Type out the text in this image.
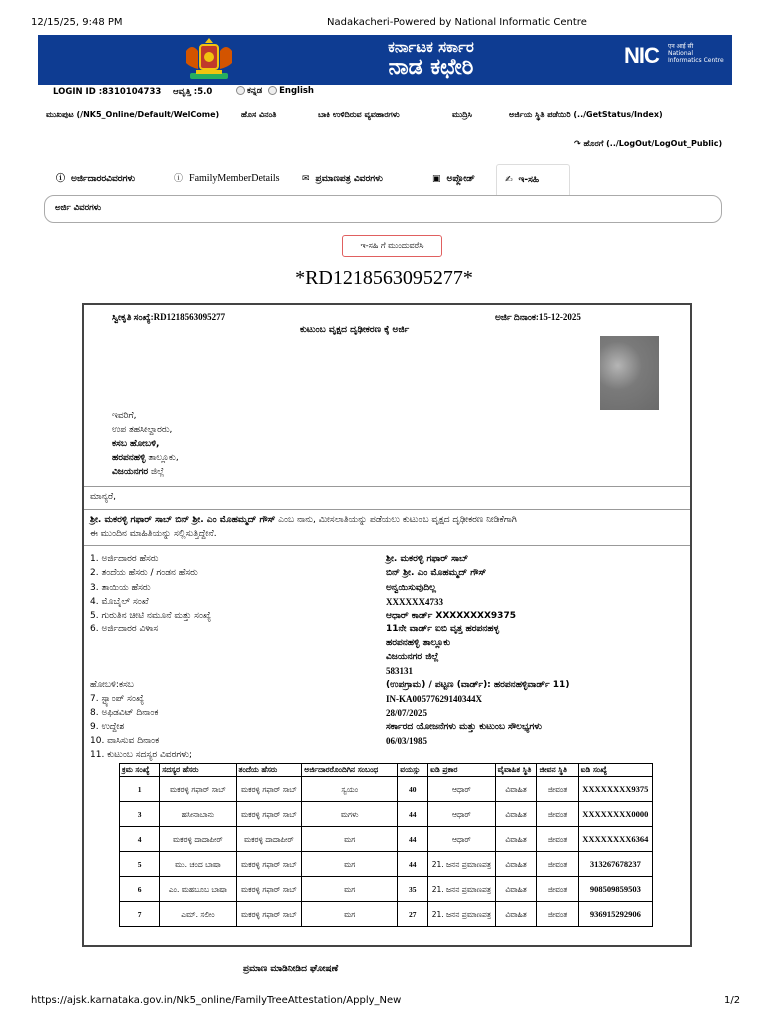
12/15/25, 9:48 PM	Nadakacheri-Powered by National Informatic Centre
ಕರ್ನಾಟಕ ಸರ್ಕಾರ
ನಾಡ ಕಛೇರಿ	NIC एन आई सी
National Informatics Centre
LOGIN ID :8310104733 ಆವೃತ್ತಿ :5.0	ಕನ್ನಡ English
ಮುಖಪುಟ (/NK5_Online/Default/WelCome)	ಹೊಸ ವಿನಂತಿ	ಬಾಕಿ ಉಳಿದಿರುವ ವ್ಯವಹಾರಗಳು	ಮುದ್ರಿಸಿ	ಅರ್ಜಿಯ ಸ್ಥಿತಿ ಪಡೆಯಿರಿ (../GetStatus/Index)
↷ ಹೊರಗೆ (../LogOut/LogOut_Public)
ⓘ ಅರ್ಜಿದಾರರವಿವರಗಳು	ⓘ FamilyMemberDetails ✉ ಪ್ರಮಾಣಪತ್ರ ವಿವರಗಳು	▣ ಅಪ್ಲೋಡ್	✍ ಇ-ಸಹಿ
ಅರ್ಜಿ ವಿವರಗಳು
ಇ-ಸಹಿ ಗೆ ಮುಂದುವರೆಸಿ
*RD1218563095277*
ಸ್ವೀಕೃತಿ ಸಂಖ್ಯೆ:RD1218563095277	ಅರ್ಜಿ ದಿನಾಂಕ:15-12-2025
ಕುಟುಂಬ ವೃಕ್ಷದ ದೃಢೀಕರಣ ಕ್ಕೆ ಅರ್ಜಿ
ಇವರಿಗೆ,
ಉಪ ತಹಸೀಲ್ದಾರರು,
ಕಸಬ ಹೋಬಳಿ,
ಹರಪನಹಳ್ಳಿ ತಾಲ್ಲೂಕು,
ವಿಜಯನಗರ ಜಿಲ್ಲೆ
ಮಾನ್ಯರೆ,
ಶ್ರೀ. ಮಕರಳ್ಳಿ ಗಫಾರ್ ಸಾಬ್ ಬಿನ್ ಶ್ರೀ. ಎಂ ಮೊಹಮ್ಮದ್ ಗೌಸ್ ಎಂಬ ನಾನು, ಮೀಸಲಾತಿಯನ್ನು ಪಡೆಯಲು ಕುಟುಂಬ ವೃಕ್ಷದ ದೃಢೀಕರಣ ನೀಡಿಕೆಗಾಗಿ
ಈ ಮುಂದಿನ ಮಾಹಿತಿಯನ್ನು ಸಲ್ಲಿಸುತ್ತಿದ್ದೇನೆ.
1. ಅರ್ಜಿದಾರರ ಹೆಸರು	ಶ್ರೀ. ಮಕರಳ್ಳಿ ಗಫಾರ್ ಸಾಬ್
2. ತಂದೆಯ ಹೆಸರು / ಗಂಡನ ಹೆಸರು	ಬಿನ್ ಶ್ರೀ. ಎಂ ಮೊಹಮ್ಮದ್ ಗೌಸ್
3. ತಾಯಿಯ ಹೆಸರು	ಅನ್ವಯಿಸುವುದಿಲ್ಲ
4. ಮೊಬೈಲ್ ಸಂಖೆ	XXXXXX4733
5. ಗುರುತಿನ ಚೀಟಿ ನಮೂನೆ ಮತ್ತು ಸಂಖ್ಯೆ	ಆಧಾರ್ ಕಾರ್ಡ್ XXXXXXXX9375
6. ಅರ್ಜಿದಾರರ ವಿಳಾಸ	11ನೇ ವಾರ್ಡ್ ಐಬಿ ವೃತ್ತ ಹರಪನಹಳ್ಳ
ಹರಪನಹಳ್ಳಿ ತಾಲ್ಲೂಕು
ವಿಜಯನಗರ ಜಿಲ್ಲೆ
583131
ಹೋಬಳಿ:ಕಸಬ	(ಉಪಗ್ರಾಮ) / ಪಟ್ಟಣ (ವಾರ್ಡ್): ಹರಪನಹಳ್ಳಿವಾರ್ಡ್ 11)
7. ಸ್ಟ್ಯಾಂಪ್ ಸಂಖ್ಯೆ	IN-KA00577629140344X
8. ಅಫಿಡವಿಟ್ ದಿನಾಂಕ	28/07/2025
9. ಉದ್ದೇಶ	ಸರ್ಕಾರದ ಯೋಜನೆಗಳು ಮತ್ತು ಕುಟುಂಬ ಸೌಲಭ್ಯಗಳು
10. ವಾಸಿಸುವ ದಿನಾಂಕ	06/03/1985
11. ಕುಟುಂಬ ಸದಸ್ಯರ ವಿವರಗಳು;
ಕ್ರಮ ಸಂಖ್ಯೆ	ಸದಸ್ಯರ ಹೆಸರು	ತಂದೆಯ ಹೆಸರು	ಅರ್ಜಿದಾರರೊಂದಿಗಿನ ಸಂಬಂಧ	ವಯಸ್ಸು	ಐಡಿ ಪ್ರಕಾರ	ವೈವಾಹಿಕ ಸ್ಥಿತಿ	ಜೀವನ ಸ್ಥಿತಿ	ಐಡಿ ಸಂಖ್ಯೆ
1	ಮಕರಳ್ಳಿ ಗಫಾರ್ ಸಾಬ್	ಮಕರಳ್ಳಿ ಗಫಾರ್ ಸಾಬ್	ಸ್ವಯಂ	40	ಆಧಾರ್	ವಿವಾಹಿತ	ಜೀವಂತ	XXXXXXXX9375
3	ಹಸೀನಾಬಾನು	ಮಕರಳ್ಳಿ ಗಫಾರ್ ಸಾಬ್	ಮಗಳು	44	ಆಧಾರ್	ವಿವಾಹಿತ	ಜೀವಂತ	XXXXXXXX0000
4	ಮಕರಳ್ಳಿ ದಾದಾಪೀರ್	ಮಕರಳ್ಳಿ ದಾದಾಪೀರ್	ಮಗ	44	ಆಧಾರ್	ವಿವಾಹಿತ	ಜೀವಂತ	XXXXXXXX6364
5	ಮು. ಚಂದ ಬಾಷಾ	ಮಕರಳ್ಳಿ ಗಫಾರ್ ಸಾಬ್	ಮಗ	44	21. ಜನನ ಪ್ರಮಾಣಪತ್ರ	ವಿವಾಹಿತ	ಜೀವಂತ	313267678237
6	ಎಂ. ಮಹಬೂಬ ಬಾಷಾ	ಮಕರಳ್ಳಿ ಗಫಾರ್ ಸಾಬ್	ಮಗ	35	21. ಜನನ ಪ್ರಮಾಣಪತ್ರ	ವಿವಾಹಿತ	ಜೀವಂತ	908509859503
7	ಎಮ್. ಸಲೀಂ	ಮಕರಳ್ಳಿ ಗಫಾರ್ ಸಾಬ್	ಮಗ	27	21. ಜನನ ಪ್ರಮಾಣಪತ್ರ	ವಿವಾಹಿತ	ಜೀವಂತ	936915292906
ಪ್ರಮಾಣ ಮಾಡಿನೀಡಿದ ಘೋಷಣೆ
https://ajsk.karnataka.gov.in/Nk5_online/FamilyTreeAttestation/Apply_New	1/2
